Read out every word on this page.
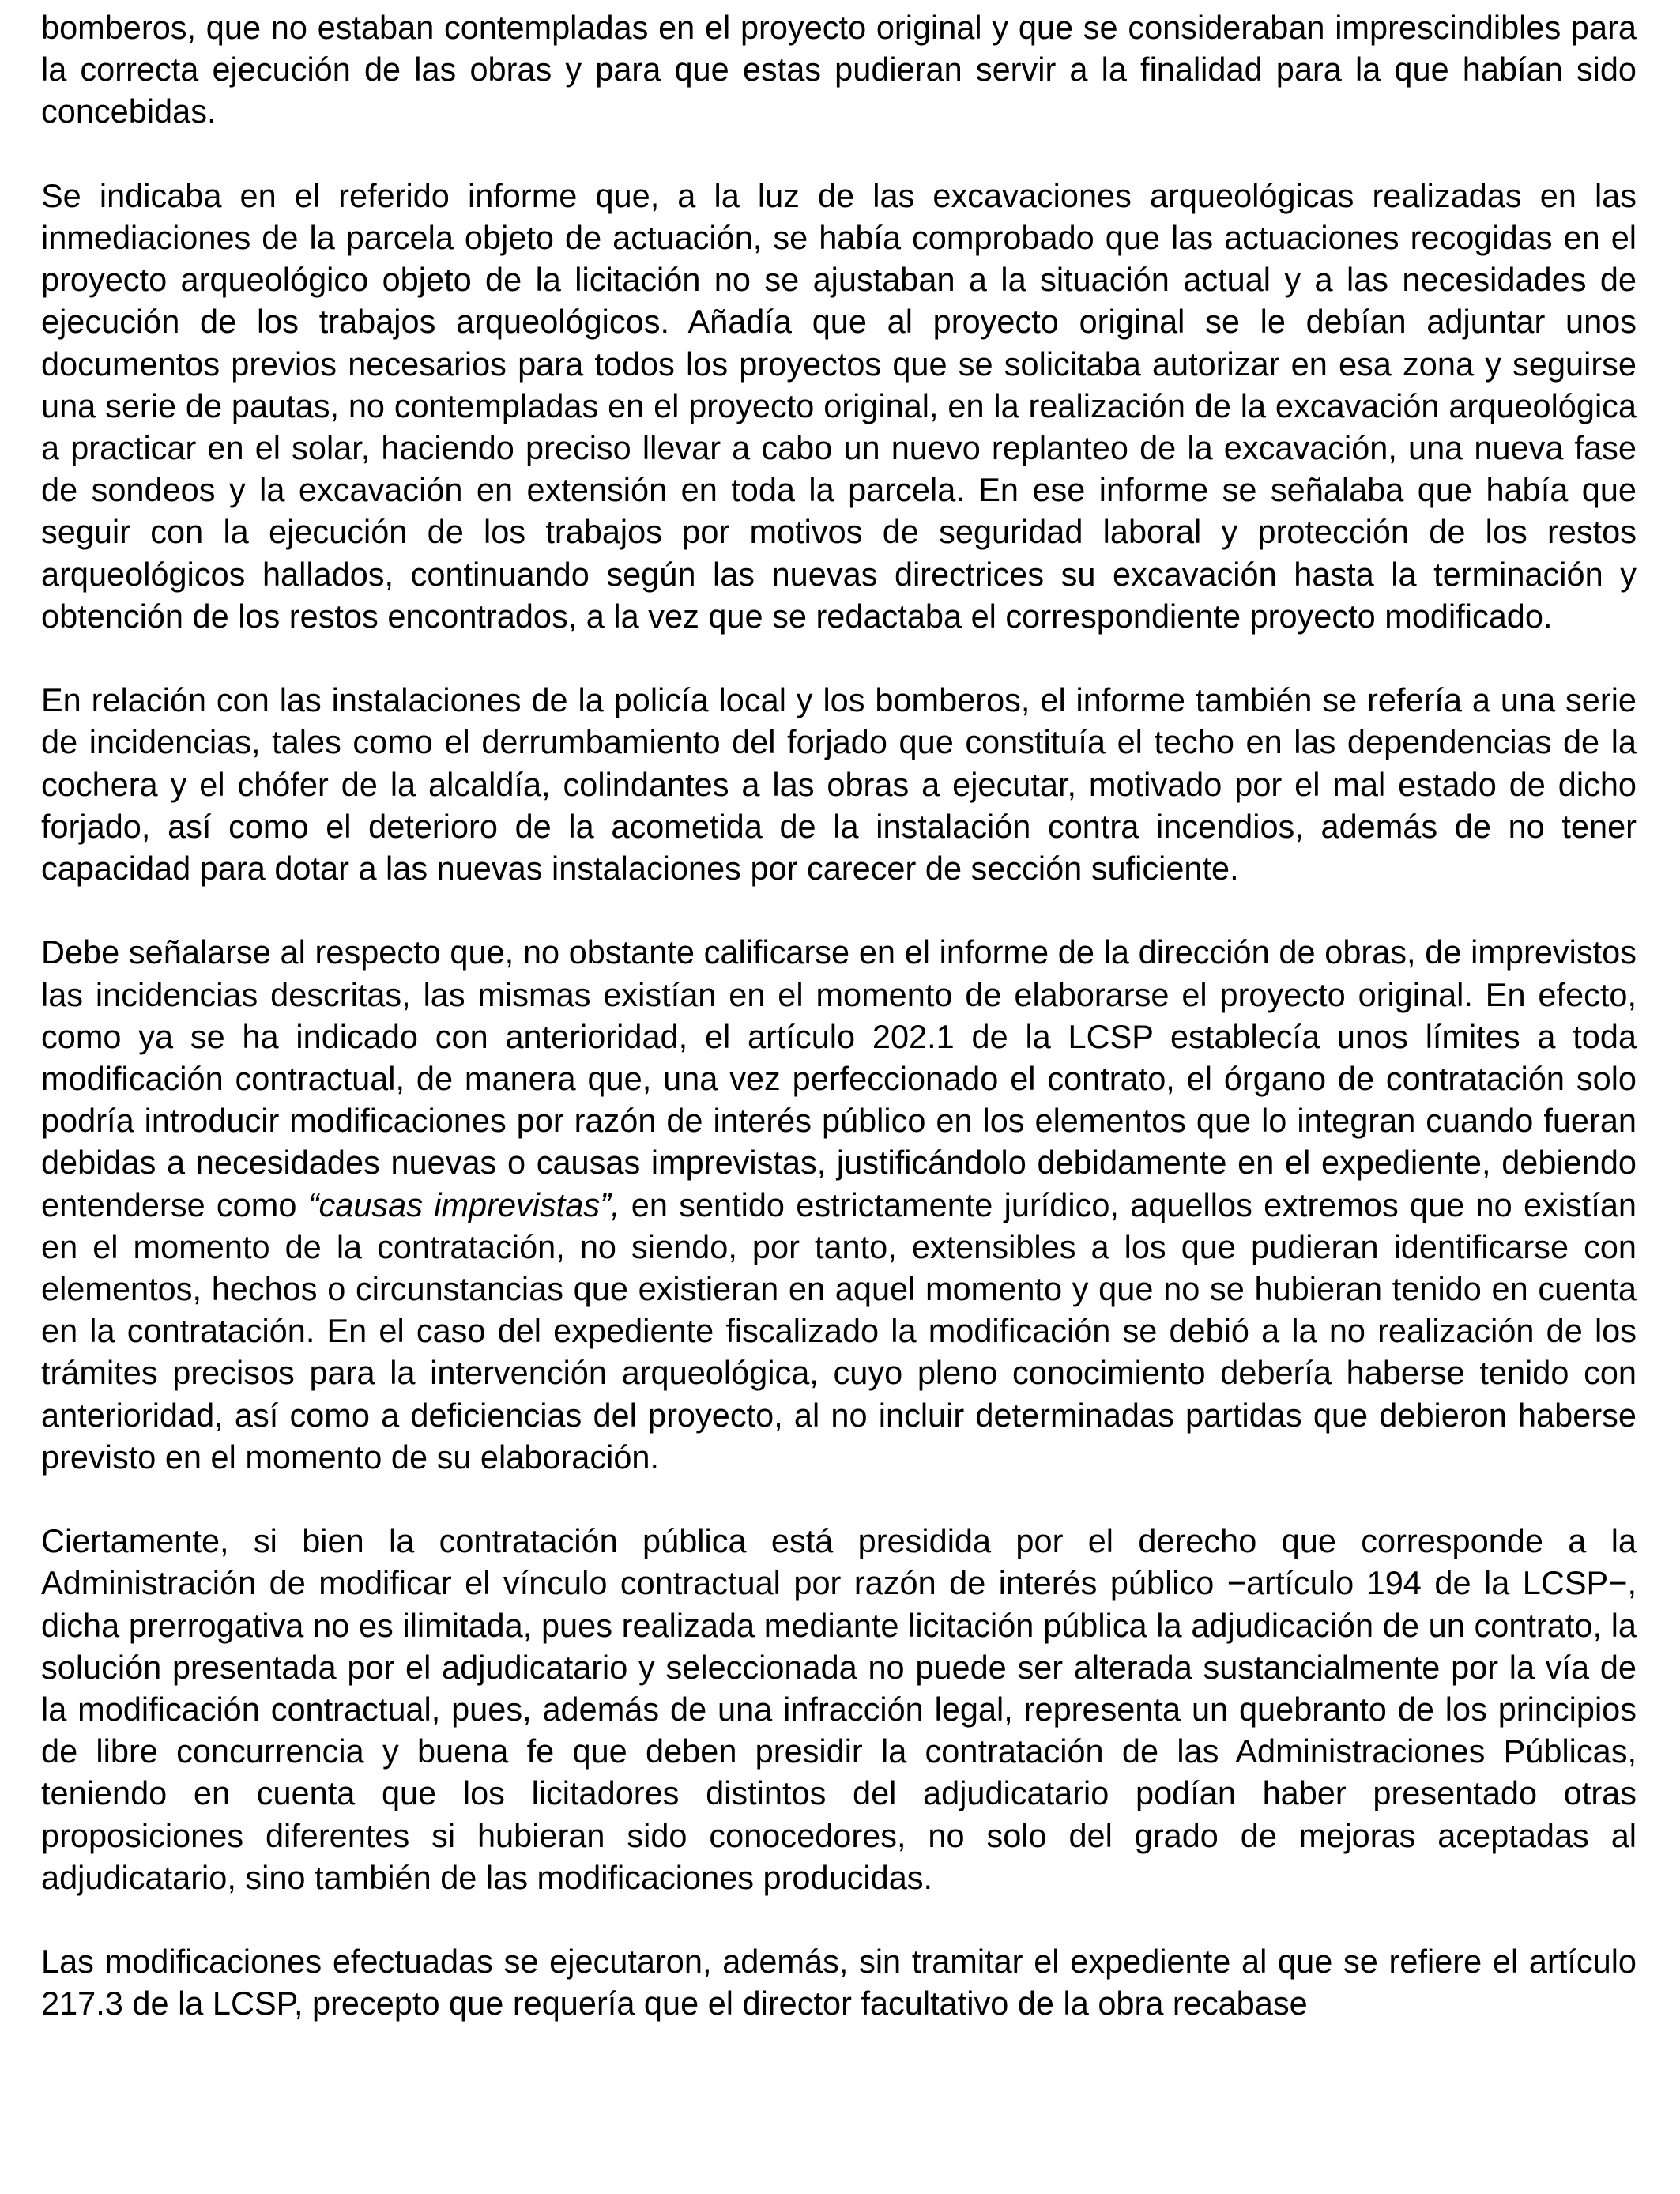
bomberos, que no estaban contempladas en el proyecto original y que se consideraban imprescindibles para la correcta ejecución de las obras y para que estas pudieran servir a la finalidad para la que habían sido concebidas.

Se indicaba en el referido informe que, a la luz de las excavaciones arqueológicas realizadas en las inmediaciones de la parcela objeto de actuación, se había comprobado que las actuaciones recogidas en el proyecto arqueológico objeto de la licitación no se ajustaban a la situación actual y a las necesidades de ejecución de los trabajos arqueológicos. Añadía que al proyecto original se le debían adjuntar unos documentos previos necesarios para todos los proyectos que se solicitaba autorizar en esa zona y seguirse una serie de pautas, no contempladas en el proyecto original, en la realización de la excavación arqueológica a practicar en el solar, haciendo preciso llevar a cabo un nuevo replanteo de la excavación, una nueva fase de sondeos y la excavación en extensión en toda la parcela. En ese informe se señalaba que había que seguir con la ejecución de los trabajos por motivos de seguridad laboral y protección de los restos arqueológicos hallados, continuando según las nuevas directrices su excavación hasta la terminación y obtención de los restos encontrados, a la vez que se redactaba el correspondiente proyecto modificado.

En relación con las instalaciones de la policía local y los bomberos, el informe también se refería a una serie de incidencias, tales como el derrumbamiento del forjado que constituía el techo en las dependencias de la cochera y el chófer de la alcaldía, colindantes a las obras a ejecutar, motivado por el mal estado de dicho forjado, así como el deterioro de la acometida de la instalación contra incendios, además de no tener capacidad para dotar a las nuevas instalaciones por carecer de sección suficiente.

Debe señalarse al respecto que, no obstante calificarse en el informe de la dirección de obras, de imprevistos las incidencias descritas, las mismas existían en el momento de elaborarse el proyecto original. En efecto, como ya se ha indicado con anterioridad, el artículo 202.1 de la LCSP establecía unos límites a toda modificación contractual, de manera que, una vez perfeccionado el contrato, el órgano de contratación solo podría introducir modificaciones por razón de interés público en los elementos que lo integran cuando fueran debidas a necesidades nuevas o causas imprevistas, justificándolo debidamente en el expediente, debiendo entenderse como “causas imprevistas”, en sentido estrictamente jurídico, aquellos extremos que no existían en el momento de la contratación, no siendo, por tanto, extensibles a los que pudieran identificarse con elementos, hechos o circunstancias que existieran en aquel momento y que no se hubieran tenido en cuenta en la contratación. En el caso del expediente fiscalizado la modificación se debió a la no realización de los trámites precisos para la intervención arqueológica, cuyo pleno conocimiento debería haberse tenido con anterioridad, así como a deficiencias del proyecto, al no incluir determinadas partidas que debieron haberse previsto en el momento de su elaboración.

Ciertamente, si bien la contratación pública está presidida por el derecho que corresponde a la Administración de modificar el vínculo contractual por razón de interés público −artículo 194 de la LCSP−, dicha prerrogativa no es ilimitada, pues realizada mediante licitación pública la adjudicación de un contrato, la solución presentada por el adjudicatario y seleccionada no puede ser alterada sustancialmente por la vía de la modificación contractual, pues, además de una infracción legal, representa un quebranto de los principios de libre concurrencia y buena fe que deben presidir la contratación de las Administraciones Públicas, teniendo en cuenta que los licitadores distintos del adjudicatario podían haber presentado otras proposiciones diferentes si hubieran sido conocedores, no solo del grado de mejoras aceptadas al adjudicatario, sino también de las modificaciones producidas.

Las modificaciones efectuadas se ejecutaron, además, sin tramitar el expediente al que se refiere el artículo 217.3 de la LCSP, precepto que requería que el director facultativo de la obra recabase
